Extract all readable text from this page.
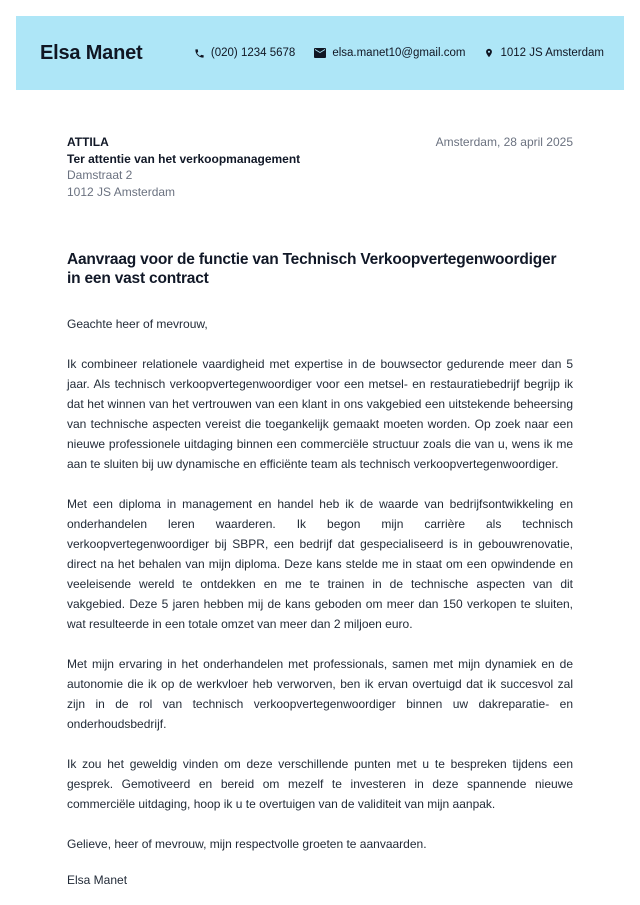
Elsa Manet	(020) 1234 5678	elsa.manet10@gmail.com	1012 JS Amsterdam
ATTILA
Ter attentie van het verkoopmanagement
Damstraat 2
1012 JS Amsterdam
Amsterdam, 28 april 2025
Aanvraag voor de functie van Technisch Verkoopvertegenwoordiger in een vast contract

Geachte heer of mevrouw,

Ik combineer relationele vaardigheid met expertise in de bouwsector gedurende meer dan 5 jaar. Als technisch verkoopvertegenwoordiger voor een metsel- en restauratiebedrijf begrijp ik dat het winnen van het vertrouwen van een klant in ons vakgebied een uitstekende beheersing van technische aspecten vereist die toegankelijk gemaakt moeten worden. Op zoek naar een nieuwe professionele uitdaging binnen een commerciële structuur zoals die van u, wens ik me aan te sluiten bij uw dynamische en efficiënte team als technisch verkoopvertegenwoordiger.

Met een diploma in management en handel heb ik de waarde van bedrijfsontwikkeling en onderhandelen leren waarderen. Ik begon mijn carrière als technisch verkoopvertegenwoordiger bij SBPR, een bedrijf dat gespecialiseerd is in gebouwrenovatie, direct na het behalen van mijn diploma. Deze kans stelde me in staat om een opwindende en veeleisende wereld te ontdekken en me te trainen in de technische aspecten van dit vakgebied. Deze 5 jaren hebben mij de kans geboden om meer dan 150 verkopen te sluiten, wat resulteerde in een totale omzet van meer dan 2 miljoen euro.

Met mijn ervaring in het onderhandelen met professionals, samen met mijn dynamiek en de autonomie die ik op de werkvloer heb verworven, ben ik ervan overtuigd dat ik succesvol zal zijn in de rol van technisch verkoopvertegenwoordiger binnen uw dakreparatie- en onderhoudsbedrijf.

Ik zou het geweldig vinden om deze verschillende punten met u te bespreken tijdens een gesprek. Gemotiveerd en bereid om mezelf te investeren in deze spannende nieuwe commerciële uitdaging, hoop ik u te overtuigen van de validiteit van mijn aanpak.

Gelieve, heer of mevrouw, mijn respectvolle groeten te aanvaarden.

Elsa Manet
